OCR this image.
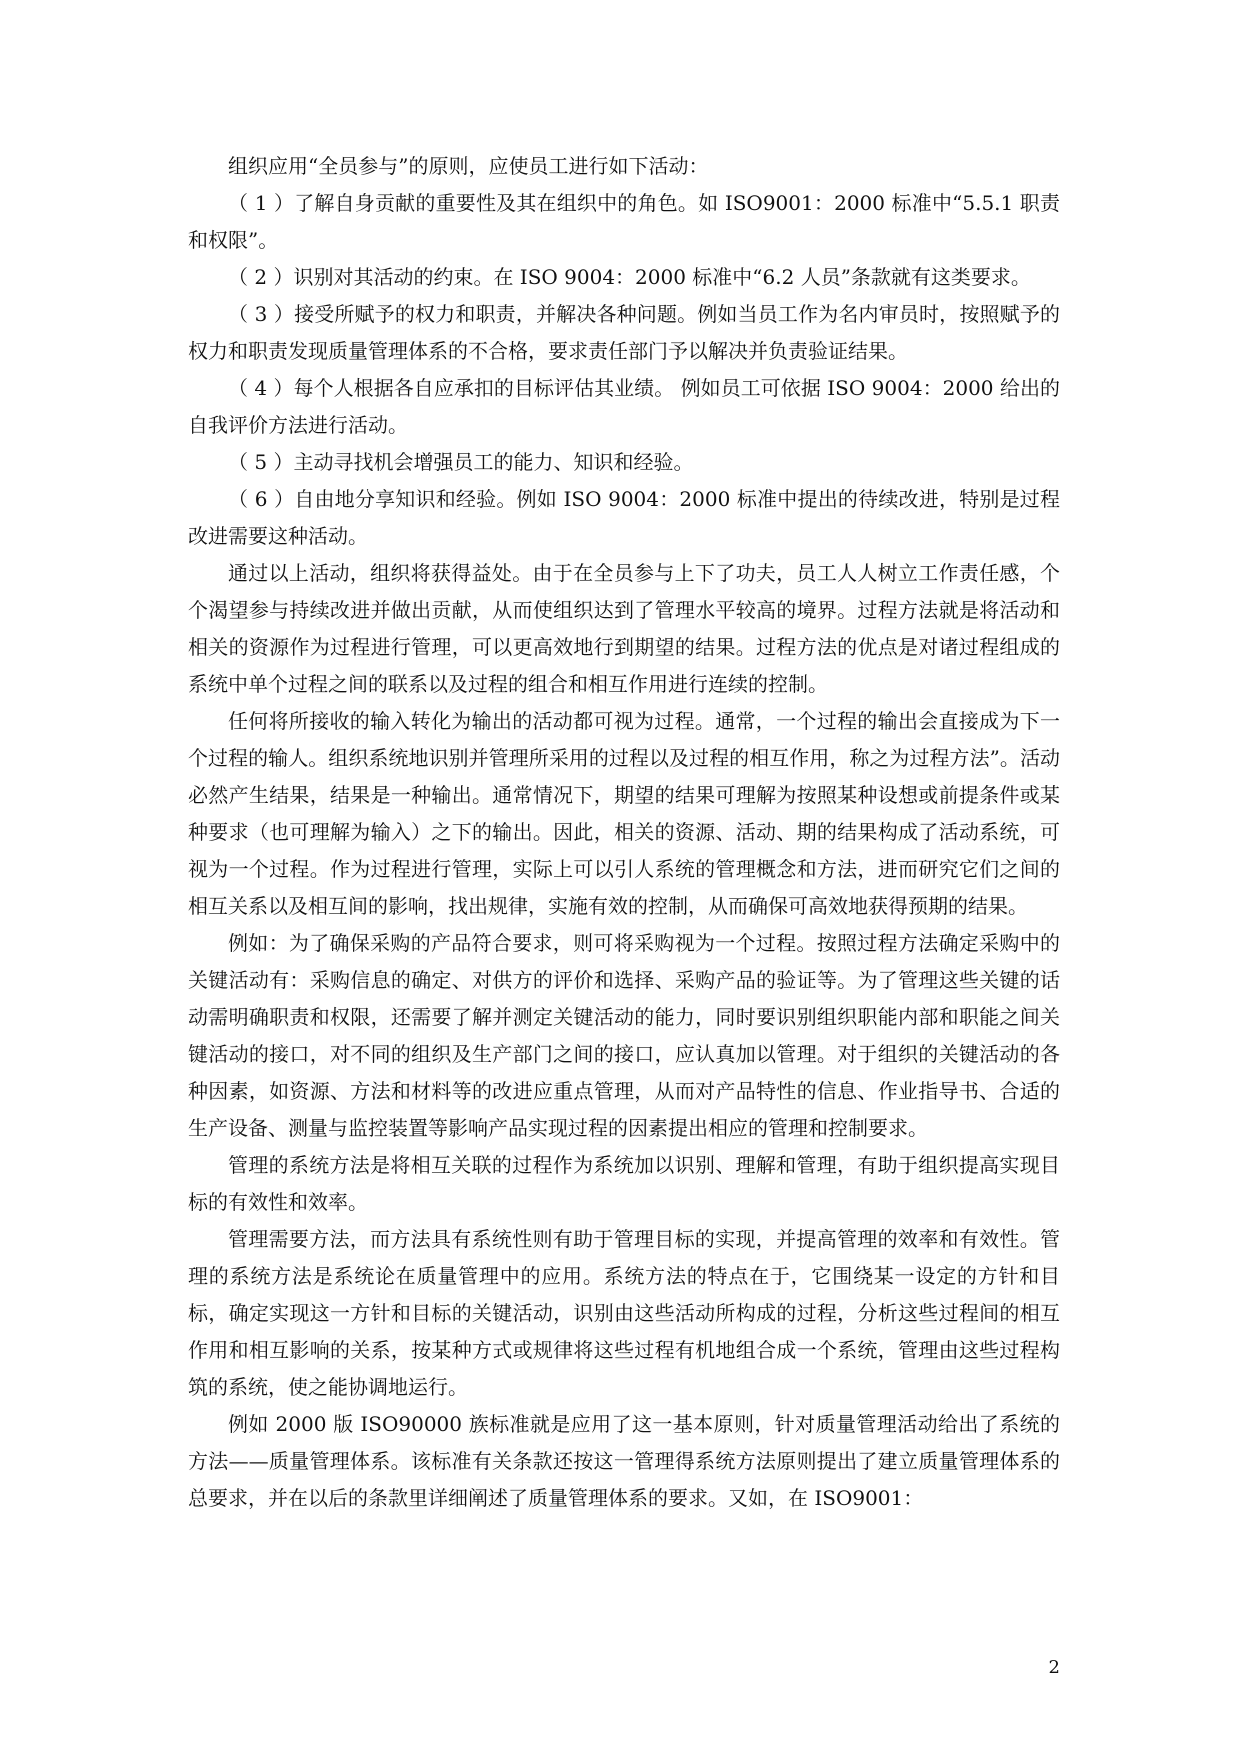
组织应用“全员参与”的原则，应使员工进行如下活动：

（ 1 ）了解自身贡献的重要性及其在组织中的角色。如 ISO9001：2000 标准中“5.5.1 职责和权限”。

（ 2 ）识别对其活动的约束。在 ISO 9004：2000 标准中“6.2 人员”条款就有这类要求。

（ 3 ）接受所赋予的权力和职责，并解决各种问题。例如当员工作为名内审员时，按照赋予的权力和职责发现质量管理体系的不合格，要求责任部门予以解决并负责验证结果。

（ 4 ）每个人根据各自应承扣的目标评估其业绩。 例如员工可依据 ISO 9004：2000 给出的自我评价方法进行活动。

（ 5 ）主动寻找机会增强员工的能力、知识和经验。

（ 6 ）自由地分享知识和经验。例如 ISO 9004：2000 标准中提出的待续改进，特别是过程改进需要这种活动。

通过以上活动，组织将获得益处。由于在全员参与上下了功夫，员工人人树立工作责任感，个个渴望参与持续改进并做出贡献，从而使组织达到了管理水平较高的境界。过程方法就是将活动和相关的资源作为过程进行管理，可以更高效地行到期望的结果。过程方法的优点是对诸过程组成的系统中单个过程之间的联系以及过程的组合和相互作用进行连续的控制。

任何将所接收的输入转化为输出的活动都可视为过程。通常，一个过程的输出会直接成为下一个过程的输人。组织系统地识别并管理所采用的过程以及过程的相互作用，称之为过程方法”。活动必然产生结果，结果是一种输出。通常情况下，期望的结果可理解为按照某种设想或前提条件或某种要求（也可理解为输入）之下的输出。因此，相关的资源、活动、期的结果构成了活动系统，可视为一个过程。作为过程进行管理，实际上可以引人系统的管理概念和方法，进而研究它们之间的相互关系以及相互间的影响，找出规律，实施有效的控制，从而确保可高效地获得预期的结果。

例如：为了确保采购的产品符合要求，则可将采购视为一个过程。按照过程方法确定采购中的关键活动有：采购信息的确定、对供方的评价和选择、采购产品的验证等。为了管理这些关键的话动需明确职责和权限，还需要了解并测定关键活动的能力，同时要识别组织职能内部和职能之间关键活动的接口，对不同的组织及生产部门之间的接口，应认真加以管理。对于组织的关键活动的各种因素，如资源、方法和材料等的改进应重点管理，从而对产品特性的信息、作业指导书、合适的生产设备、测量与监控装置等影响产品实现过程的因素提出相应的管理和控制要求。

管理的系统方法是将相互关联的过程作为系统加以识别、理解和管理，有助于组织提高实现目标的有效性和效率。

管理需要方法，而方法具有系统性则有助于管理目标的实现，并提高管理的效率和有效性。管理的系统方法是系统论在质量管理中的应用。系统方法的特点在于，它围绕某一设定的方针和目标，确定实现这一方针和目标的关键活动，识别由这些活动所构成的过程，分析这些过程间的相互作用和相互影响的关系，按某种方式或规律将这些过程有机地组合成一个系统，管理由这些过程构筑的系统，使之能协调地运行。

例如 2000 版 ISO90000 族标准就是应用了这一基本原则，针对质量管理活动给出了系统的方法——质量管理体系。该标准有关条款还按这一管理得系统方法原则提出了建立质量管理体系的总要求，并在以后的条款里详细阐述了质量管理体系的要求。又如，在 ISO9001：

2
